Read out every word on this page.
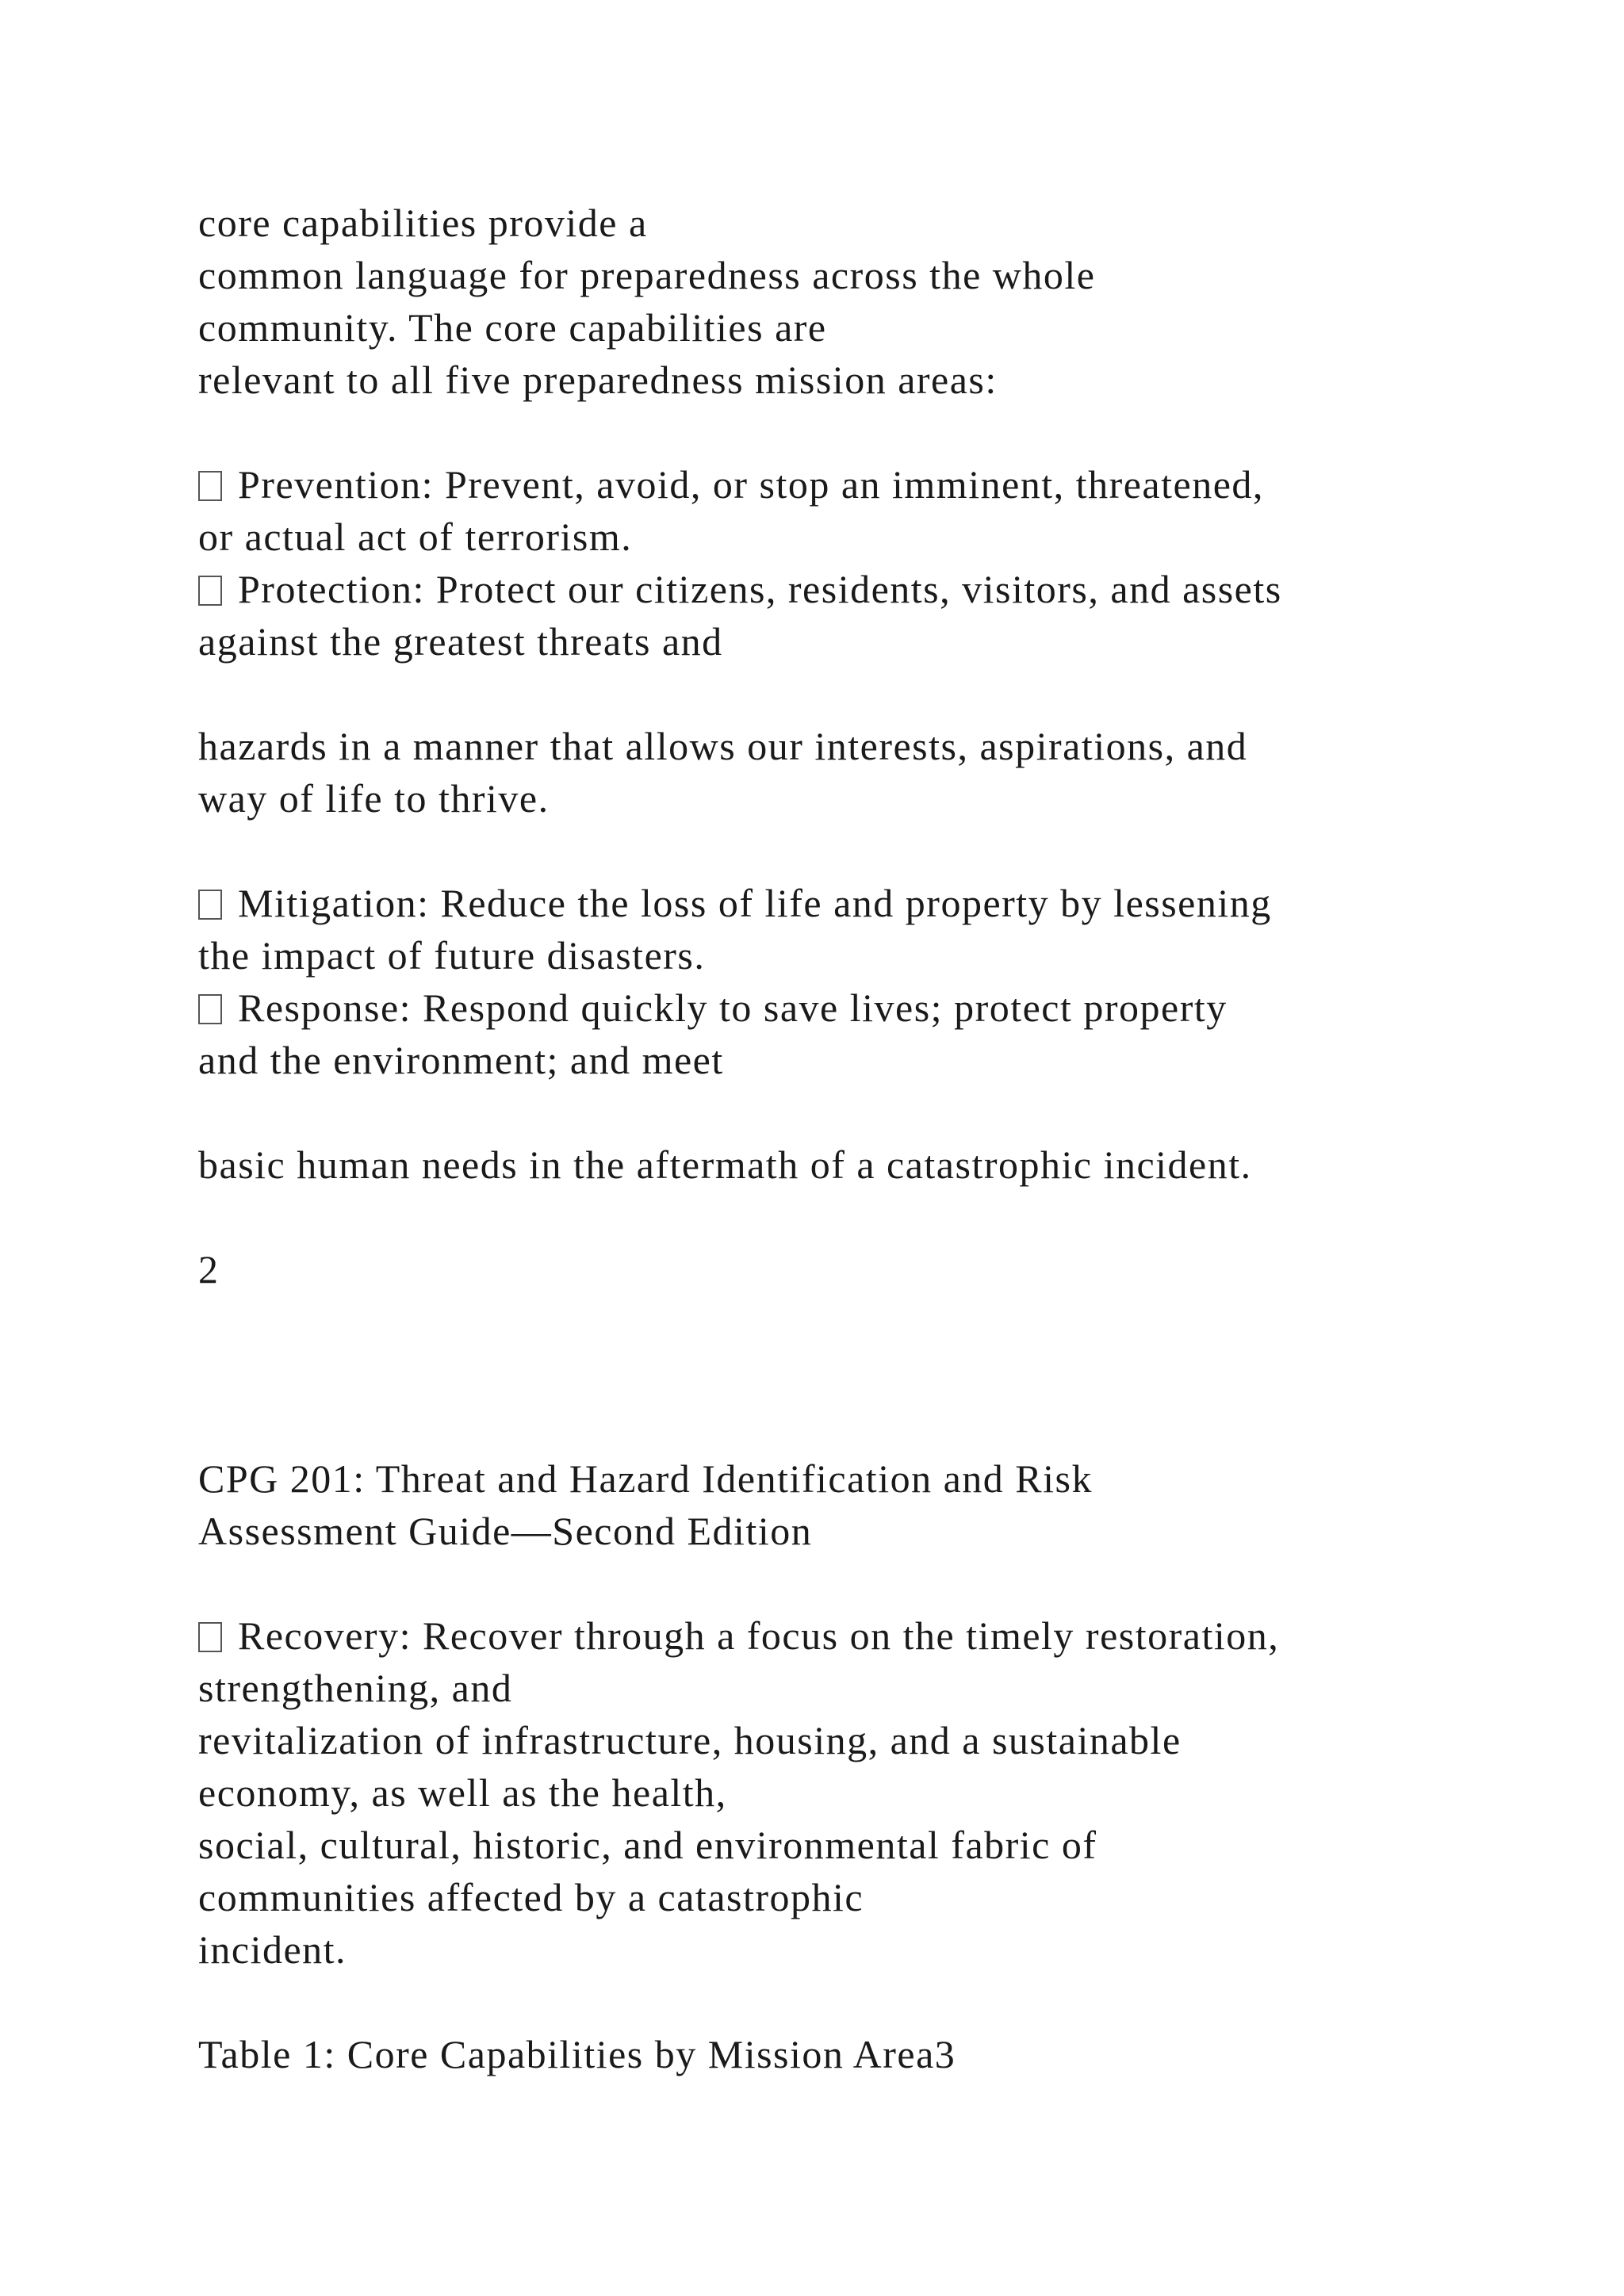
core capabilities provide a
common language for preparedness across the whole
community. The core capabilities are
relevant to all five preparedness mission areas:
Prevention: Prevent, avoid, or stop an imminent, threatened,
or actual act of terrorism.
Protection: Protect our citizens, residents, visitors, and assets
against the greatest threats and
hazards in a manner that allows our interests, aspirations, and
way of life to thrive.
Mitigation: Reduce the loss of life and property by lessening
the impact of future disasters.
Response: Respond quickly to save lives; protect property
and the environment; and meet
basic human needs in the aftermath of a catastrophic incident.
2
CPG 201: Threat and Hazard Identification and Risk
Assessment Guide—Second Edition
Recovery: Recover through a focus on the timely restoration,
strengthening, and
revitalization of infrastructure, housing, and a sustainable
economy, as well as the health,
social, cultural, historic, and environmental fabric of
communities affected by a catastrophic
incident.
Table 1: Core Capabilities by Mission Area3
